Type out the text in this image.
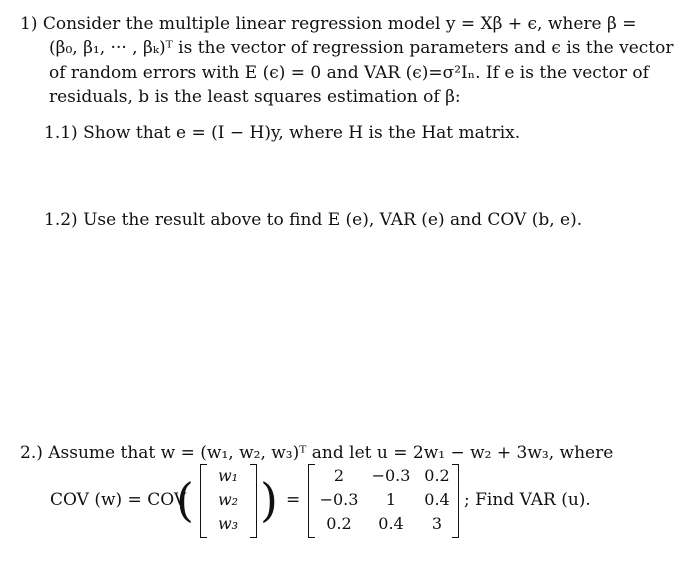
1) Consider the multiple linear regression model y = Xβ + ϵ, where β =
(β₀, β₁, ··· , βₖ)ᵀ is the vector of regression parameters and ϵ is the vector
of random errors with E (ϵ) = 0 and VAR (ϵ)=σ²Iₙ. If e is the vector of
residuals, b is the least squares estimation of β:
1.1) Show that e = (I − H)y, where H is the Hat matrix.
1.2) Use the result above to find E (e), VAR (e) and COV (b, e).
2.) Assume that w = (w₁, w₂, w₃)ᵀ and let u = 2w₁ − w₂ + 3w₃, where
COV (w) = COV
(	w₁
w₂
w₃ ) =
2
−0.3
0.2
−0.3
1
0.4
0.2
0.4
3
; Find VAR (u).
